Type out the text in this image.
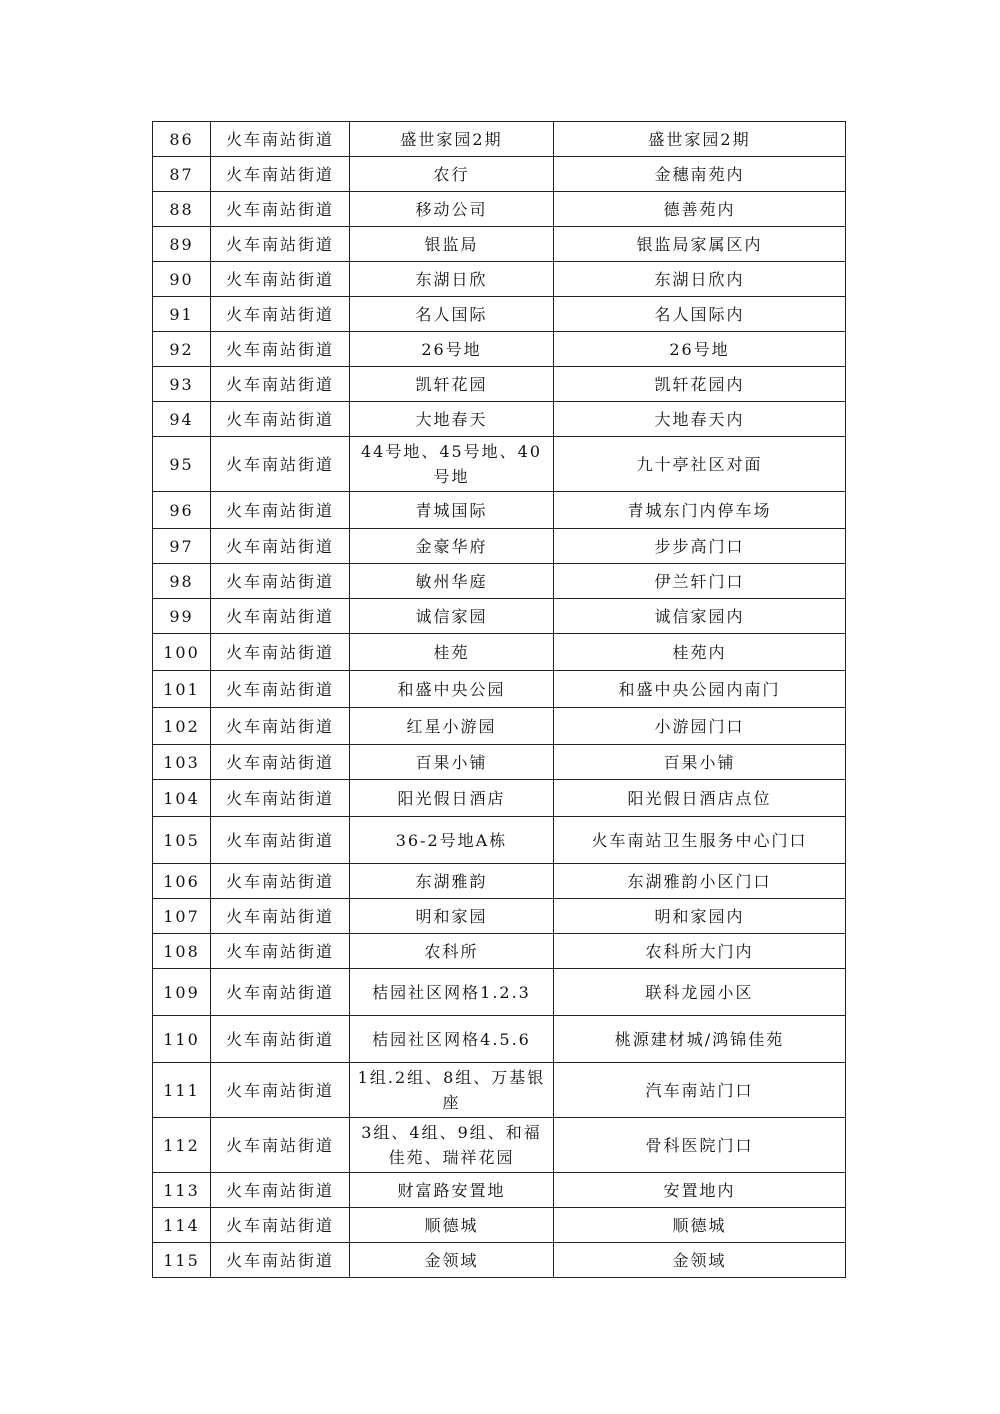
86	火车南站街道	盛世家园2期	盛世家园2期
87	火车南站街道	农行	金穗南苑内
88	火车南站街道	移动公司	德善苑内
89	火车南站街道	银监局	银监局家属区内
90	火车南站街道	东湖日欣	东湖日欣内
91	火车南站街道	名人国际	名人国际内
92	火车南站街道	26号地	26号地
93	火车南站街道	凯轩花园	凯轩花园内
94	火车南站街道	大地春天	大地春天内
95	火车南站街道	44号地、45号地、40号地	九十亭社区对面
96	火车南站街道	青城国际	青城东门内停车场
97	火车南站街道	金豪华府	步步高门口
98	火车南站街道	敏州华庭	伊兰轩门口
99	火车南站街道	诚信家园	诚信家园内
100	火车南站街道	桂苑	桂苑内
101	火车南站街道	和盛中央公园	和盛中央公园内南门
102	火车南站街道	红星小游园	小游园门口
103	火车南站街道	百果小铺	百果小铺
104	火车南站街道	阳光假日酒店	阳光假日酒店点位
105	火车南站街道	36-2号地A栋	火车南站卫生服务中心门口
106	火车南站街道	东湖雅韵	东湖雅韵小区门口
107	火车南站街道	明和家园	明和家园内
108	火车南站街道	农科所	农科所大门内
109	火车南站街道	桔园社区网格1.2.3	联科龙园小区
110	火车南站街道	桔园社区网格4.5.6	桃源建材城/鸿锦佳苑
111	火车南站街道	1组.2组、8组、万基银座	汽车南站门口
112	火车南站街道	3组、4组、9组、和福佳苑、瑞祥花园	骨科医院门口
113	火车南站街道	财富路安置地	安置地内
114	火车南站街道	顺德城	顺德城
115	火车南站街道	金领域	金领域
